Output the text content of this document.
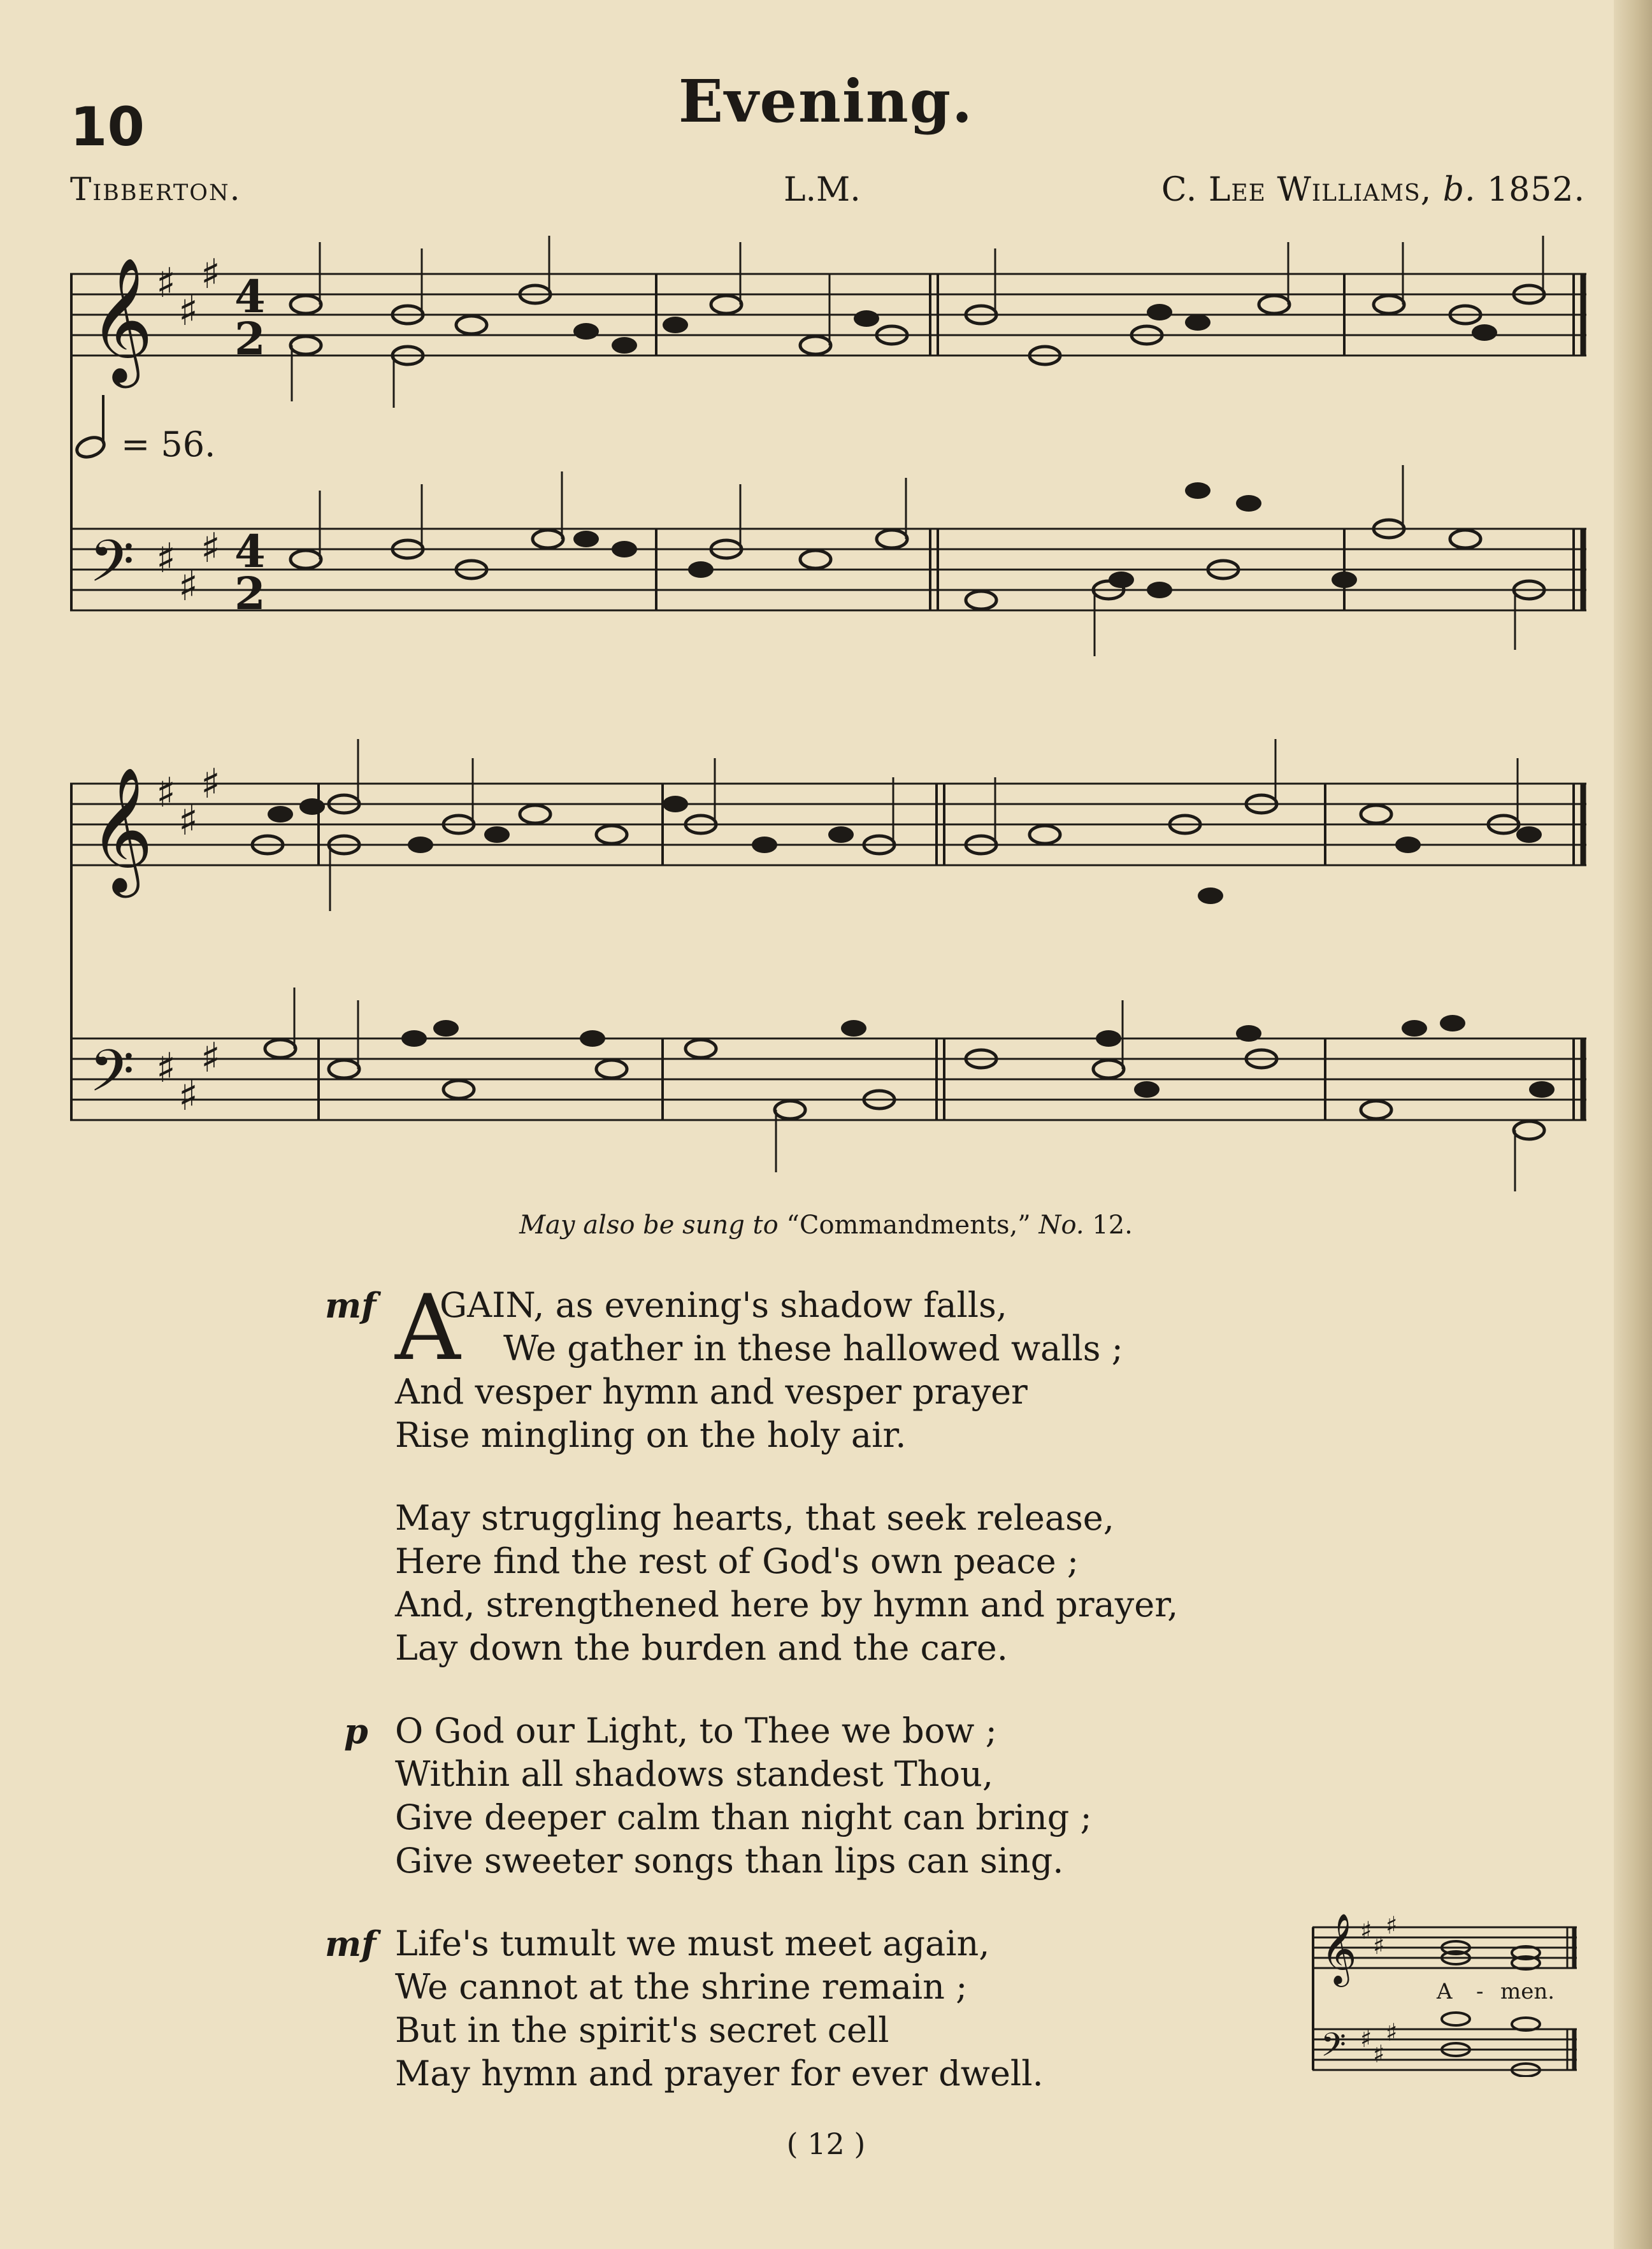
10	Evening.
Tibberton.	L.M.	C. Lee Williams, b. 1852.
𝄞
𝄢
♯
♯
♯
♯
♯
♯
4
2
4
2
= 56.
𝄞
𝄢
♯
♯
♯
♯
♯
♯
May also be sung to “Commandments,” No. 12.
mf A
GAIN, as evening's shadow falls,
We gather in these hallowed walls ;
And vesper hymn and vesper prayer
Rise mingling on the holy air.
May struggling hearts, that seek release,
Here find the rest of God's own peace ;
And, strengthened here by hymn and prayer,
Lay down the burden and the care.
p O God our Light, to Thee we bow ;
Within all shadows standest Thou,
Give deeper calm than night can bring ;
Give sweeter songs than lips can sing.
mf Life's tumult we must meet again,
We cannot at the shrine remain ;
But in the spirit's secret cell
May hymn and prayer for ever dwell.
𝄞
𝄢
♯
♯
♯
♯
♯
♯
A - men.
( 12 )
